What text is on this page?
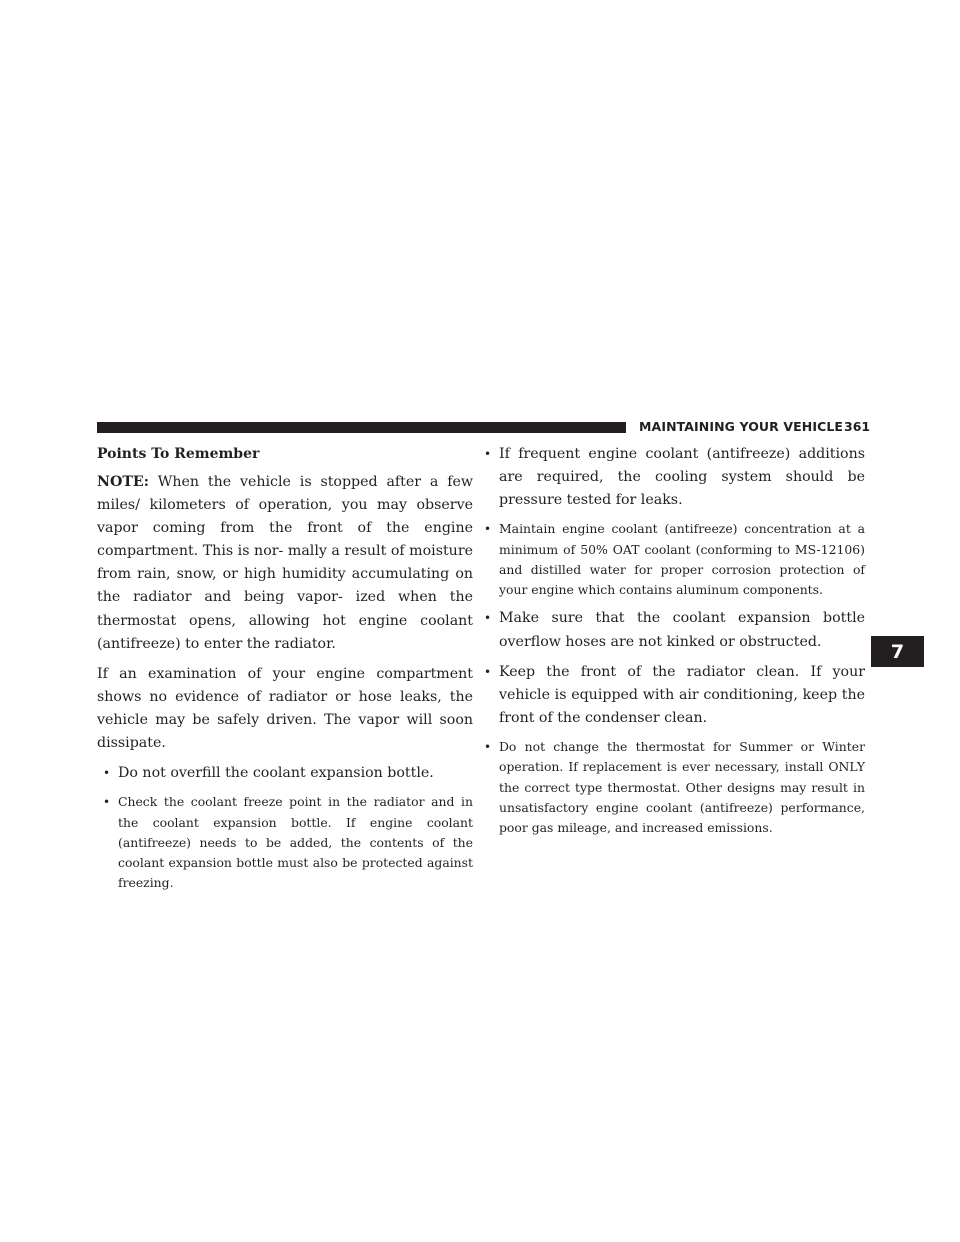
MAINTAINING YOUR VEHICLE 361
7
Points To Remember

NOTE: When the vehicle is stopped after a few miles/ kilometers of operation, you may observe vapor coming from the front of the engine compartment. This is nor- mally a result of moisture from rain, snow, or high humidity accumulating on the radiator and being vapor- ized when the thermostat opens, allowing hot engine coolant (antifreeze) to enter the radiator.

If an examination of your engine compartment shows no evidence of radiator or hose leaks, the vehicle may be safely driven. The vapor will soon dissipate.

• Do not overfill the coolant expansion bottle.
• Check the coolant freeze point in the radiator and in the coolant expansion bottle. If engine coolant (antifreeze) needs to be added, the contents of the coolant expansion bottle must also be protected against freezing.
• If frequent engine coolant (antifreeze) additions are required, the cooling system should be pressure tested for leaks.
• Maintain engine coolant (antifreeze) concentration at a minimum of 50% OAT coolant (conforming to MS-12106) and distilled water for proper corrosion protection of your engine which contains aluminum components.
• Make sure that the coolant expansion bottle overflow hoses are not kinked or obstructed.
• Keep the front of the radiator clean. If your vehicle is equipped with air conditioning, keep the front of the condenser clean.
• Do not change the thermostat for Summer or Winter operation. If replacement is ever necessary, install ONLY the correct type thermostat. Other designs may result in unsatisfactory engine coolant (antifreeze) performance, poor gas mileage, and increased emissions.
